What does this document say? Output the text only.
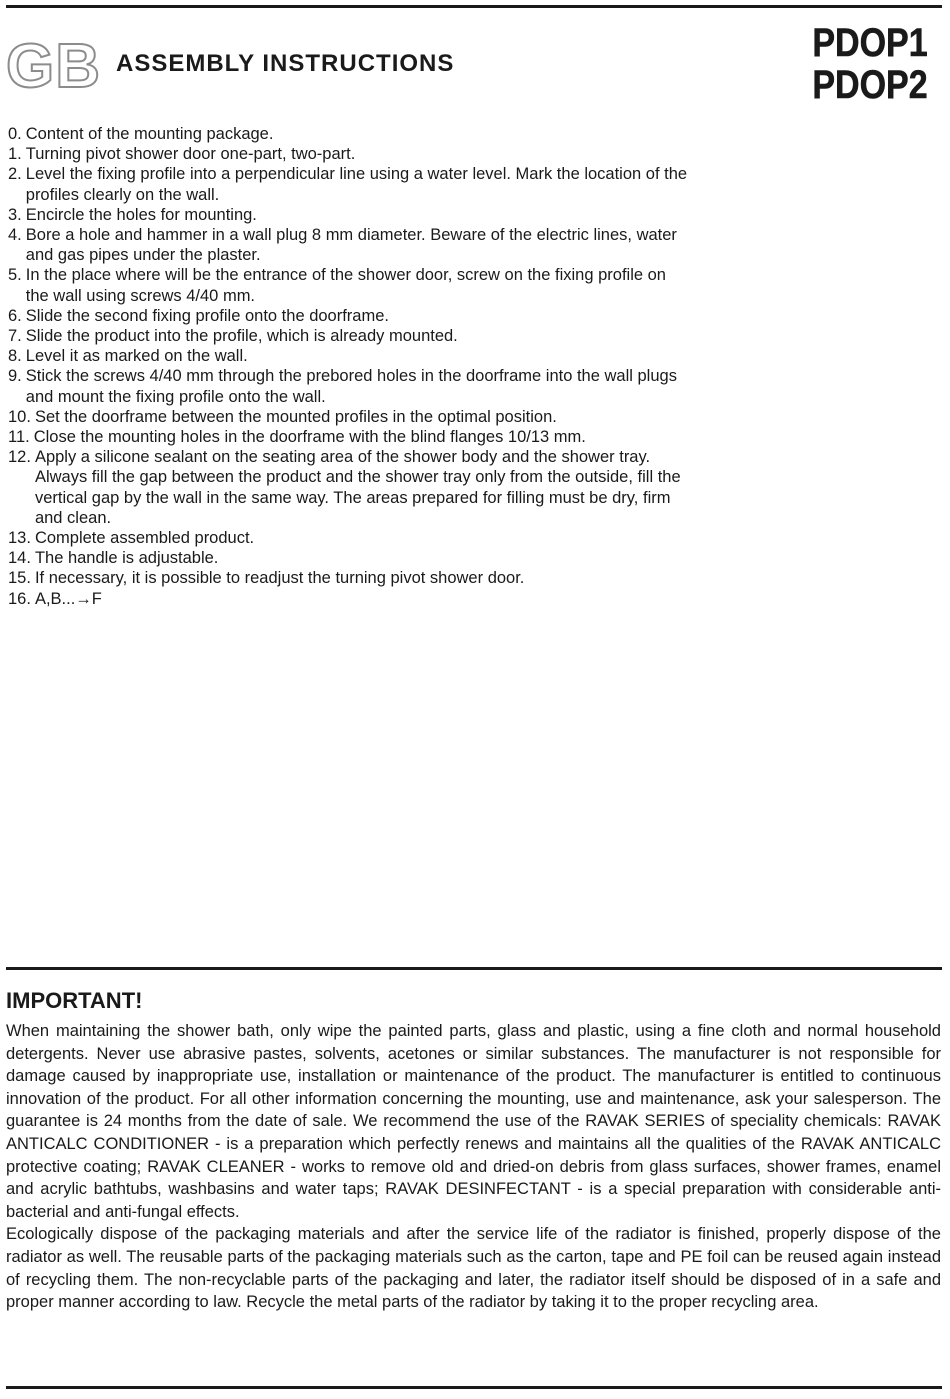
GB ASSEMBLY INSTRUCTIONS	PDOP1
PDOP2
0. Content of the mounting package.
1. Turning pivot shower door one-part, two-part.
2. Level the fixing profile into a perpendicular line using a water level. Mark the location of the profiles clearly on the wall.
3. Encircle the holes for mounting.
4. Bore a hole and hammer in a wall plug 8 mm diameter. Beware of the electric lines, water and gas pipes under the plaster.
5. In the place where will be the entrance of the shower door, screw on the fixing profile on the wall using screws 4/40 mm.
6. Slide the second fixing profile onto the doorframe.
7. Slide the product into the profile, which is already mounted.
8. Level it as marked on the wall.
9. Stick the screws 4/40 mm through the prebored holes in the doorframe into the wall plugs and mount the fixing profile onto the wall.
10. Set the doorframe between the mounted profiles in the optimal position.
11. Close the mounting holes in the doorframe with the blind flanges 10/13 mm.
12. Apply a silicone sealant on the seating area of the shower body and the shower tray. Always fill the gap between the product and the shower tray only from the outside, fill the vertical gap by the wall in the same way. The areas prepared for filling must be dry, firm and clean.
13. Complete assembled product.
14. The handle is adjustable.
15. If necessary, it is possible to readjust the turning pivot shower door.
16. A,B...→F
IMPORTANT!

When maintaining the shower bath, only wipe the painted parts, glass and plastic, using a fine cloth and normal household detergents. Never use abrasive pastes, solvents, acetones or similar substances. The manufacturer is not responsible for damage caused by inappropriate use, installation or maintenance of the product. The manufacturer is entitled to continuous innovation of the product. For all other information concerning the mounting, use and maintenance, ask your salesperson. The guarantee is 24 months from the date of sale. We recommend the use of the RAVAK SERIES of speciality chemicals: RAVAK ANTICALC CONDITIONER - is a preparation which perfectly renews and maintains all the qualities of the RAVAK ANTICALC protective coating; RAVAK CLEANER - works to remove old and dried-on debris from glass surfaces, shower frames, enamel and acrylic bathtubs, washbasins and water taps; RAVAK DESINFECTANT - is a special preparation with considerable anti-bacterial and anti-fungal effects.

Ecologically dispose of the packaging materials and after the service life of the radiator is finished, properly dispose of the radiator as well. The reusable parts of the packaging materials such as the carton, tape and PE foil can be reused again instead of recycling them. The non-recyclable parts of the packaging and later, the radiator itself should be disposed of in a safe and proper manner according to law. Recycle the metal parts of the radiator by taking it to the proper recycling area.
